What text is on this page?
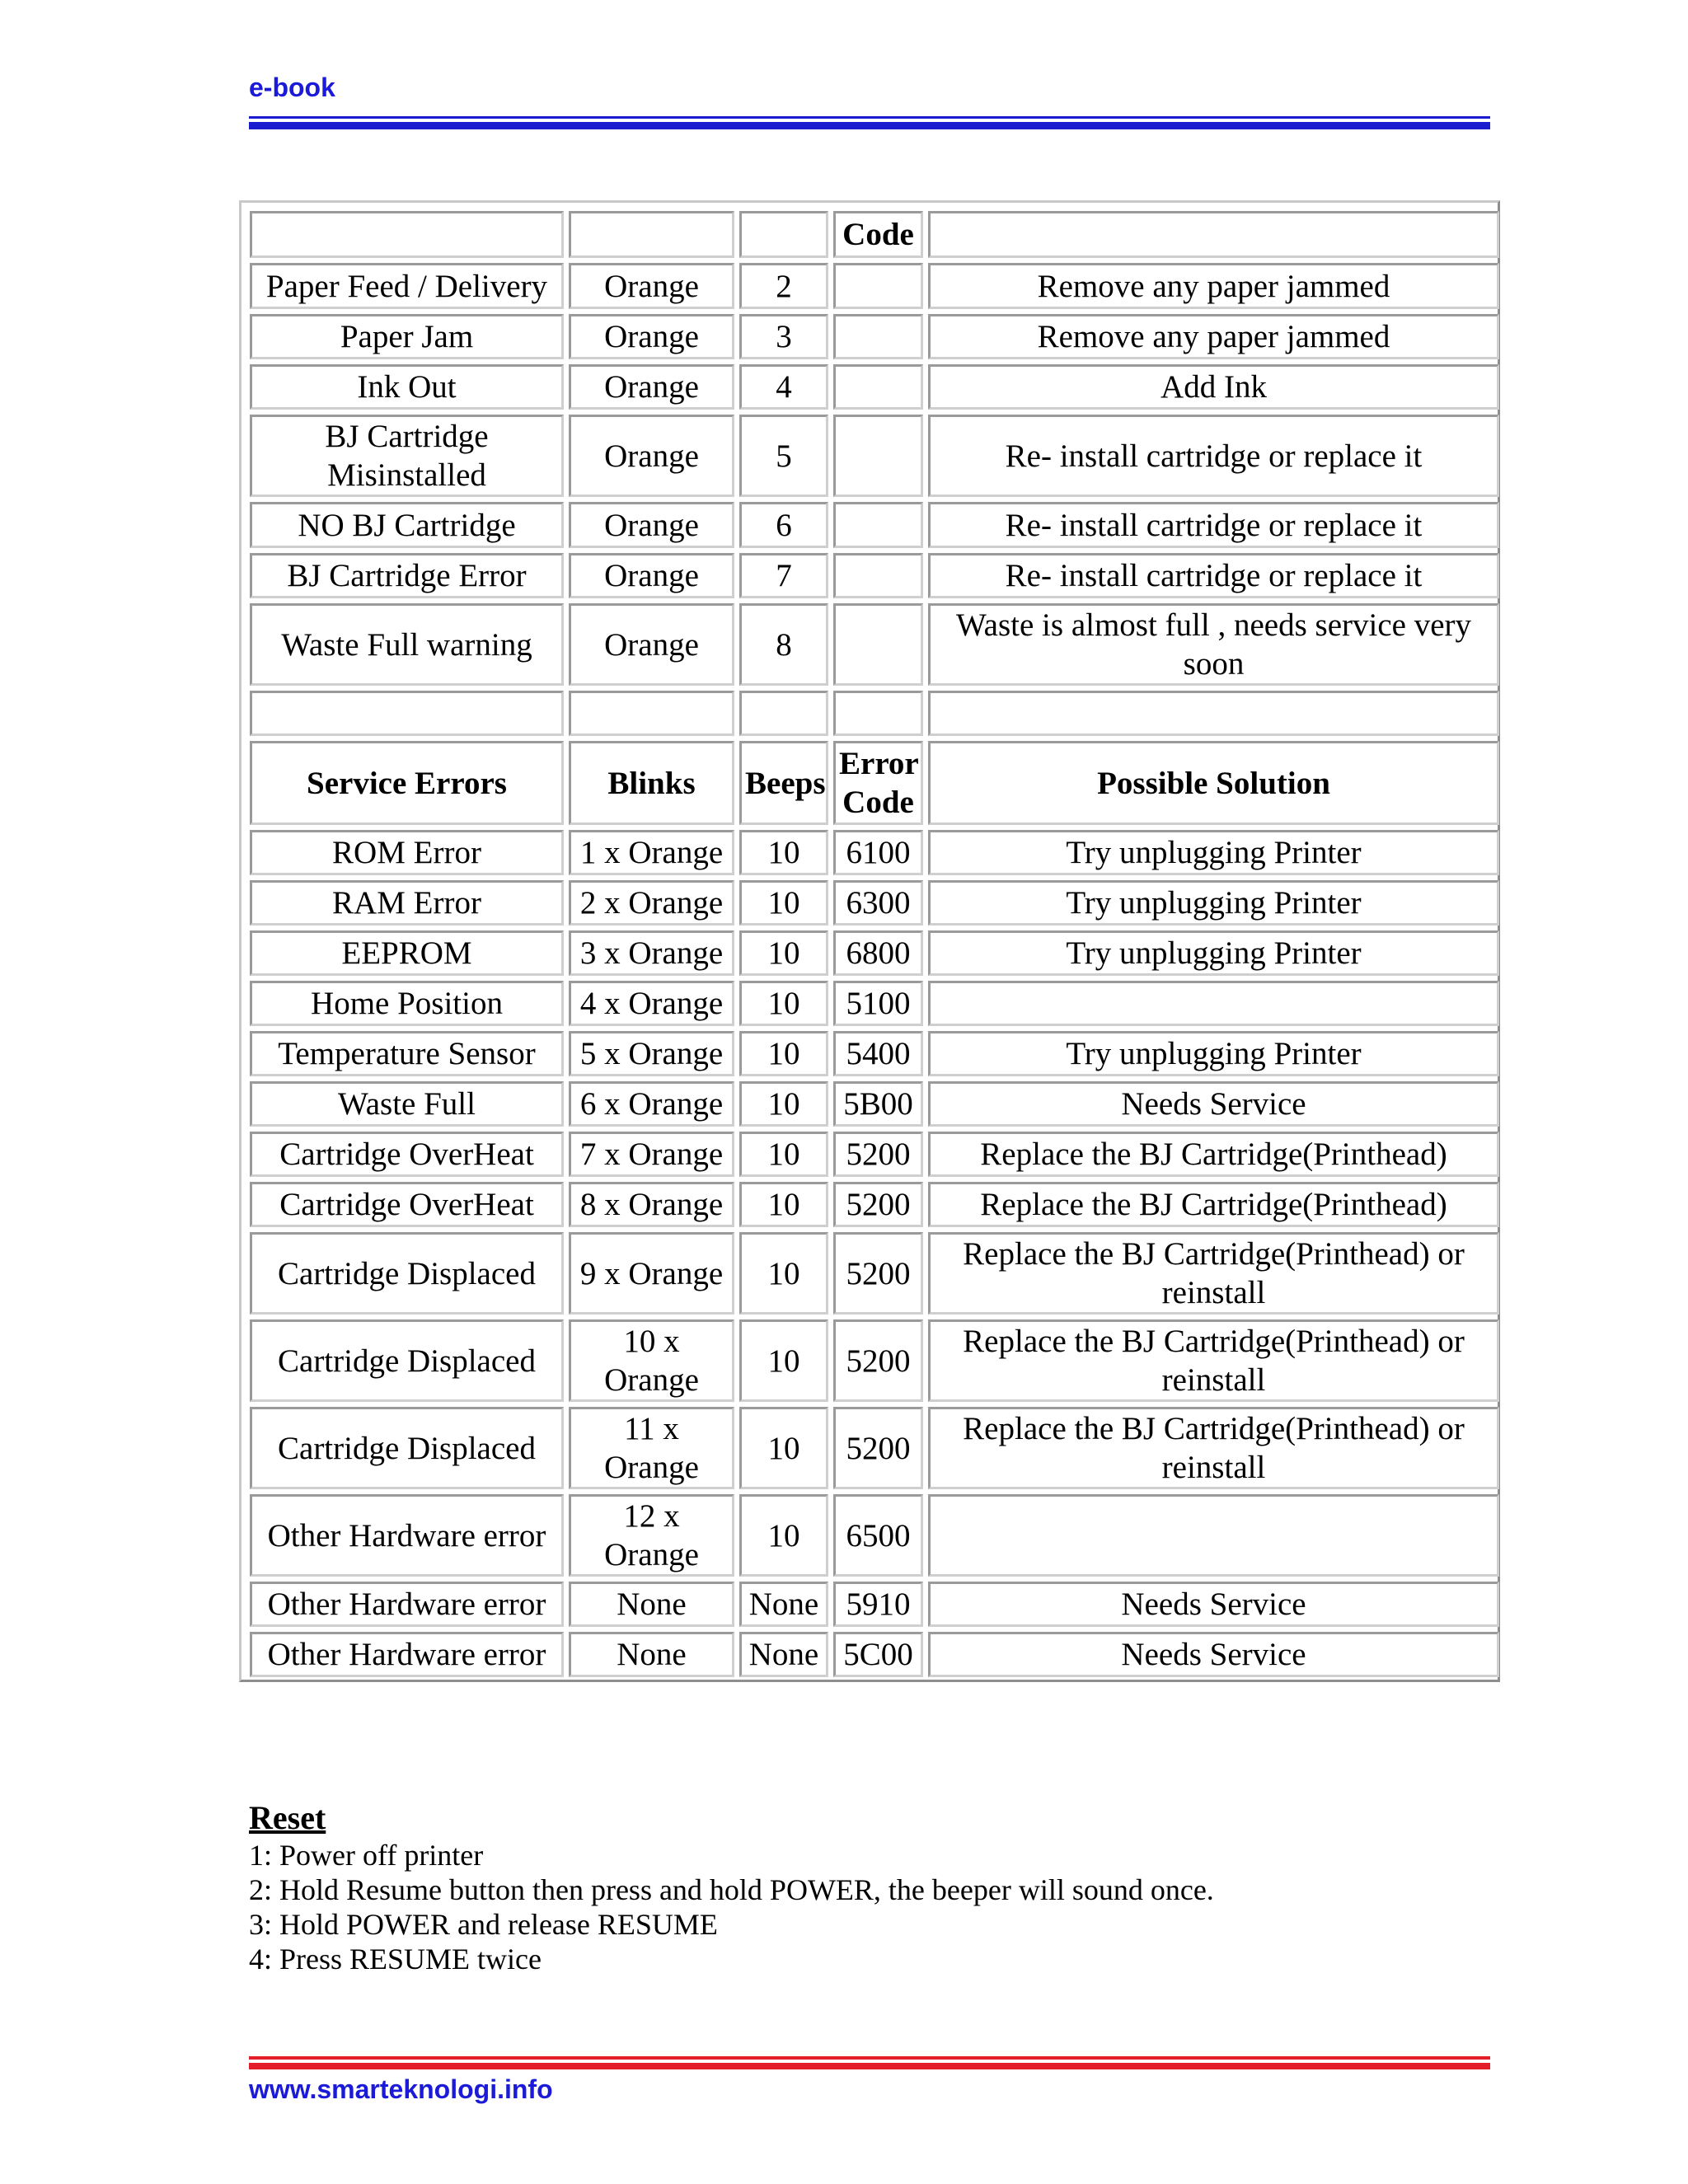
e-book
			Code	
Paper Feed / Delivery	Orange	2		Remove any paper jammed
Paper Jam	Orange	3		Remove any paper jammed
Ink Out	Orange	4		Add Ink
BJ Cartridge Misinstalled	Orange	5		Re- install cartridge or replace it
NO BJ Cartridge	Orange	6		Re- install cartridge or replace it
BJ Cartridge Error	Orange	7		Re- install cartridge or replace it
Waste Full warning	Orange	8		Waste is almost full , needs service very soon

Service Errors	Blinks	Beeps	Error Code	Possible Solution
ROM Error	1 x Orange	10	6100	Try unplugging Printer
RAM Error	2 x Orange	10	6300	Try unplugging Printer
EEPROM	3 x Orange	10	6800	Try unplugging Printer
Home Position	4 x Orange	10	5100	
Temperature Sensor	5 x Orange	10	5400	Try unplugging Printer
Waste Full	6 x Orange	10	5B00	Needs Service
Cartridge OverHeat	7 x Orange	10	5200	Replace the BJ Cartridge(Printhead)
Cartridge OverHeat	8 x Orange	10	5200	Replace the BJ Cartridge(Printhead)
Cartridge Displaced	9 x Orange	10	5200	Replace the BJ Cartridge(Printhead) or reinstall
Cartridge Displaced	10 x Orange	10	5200	Replace the BJ Cartridge(Printhead) or reinstall
Cartridge Displaced	11 x Orange	10	5200	Replace the BJ Cartridge(Printhead) or reinstall
Other Hardware error	12 x Orange	10	6500	
Other Hardware error	None	None	5910	Needs Service
Other Hardware error	None	None	5C00	Needs Service
Reset
1: Power off printer
2: Hold Resume button then press and hold POWER, the beeper will sound once.
3: Hold POWER and release RESUME
4: Press RESUME twice
www.smarteknologi.info
